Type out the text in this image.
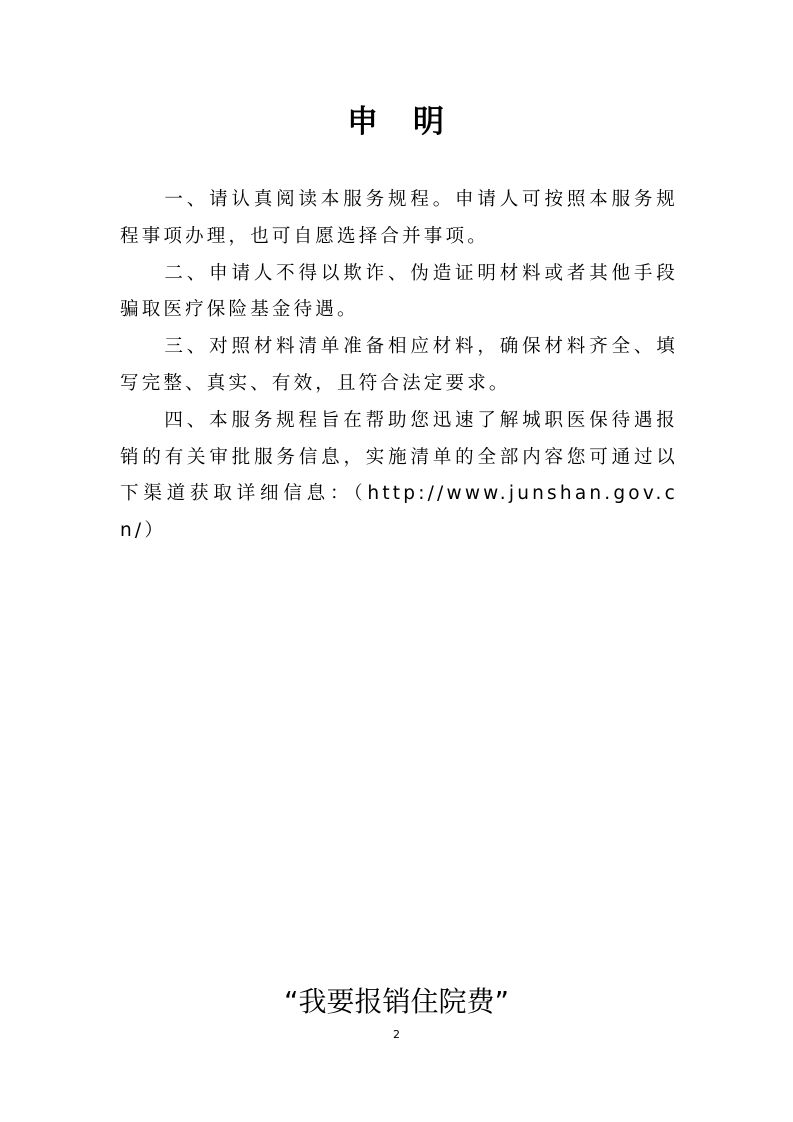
申　明

一、请认真阅读本服务规程。申请人可按照本服务规程事项办理，也可自愿选择合并事项。

二、申请人不得以欺诈、伪造证明材料或者其他手段骗取医疗保险基金待遇。

三、对照材料清单准备相应材料，确保材料齐全、填写完整、真实、有效，且符合法定要求。

四、本服务规程旨在帮助您迅速了解城职医保待遇报销的有关审批服务信息，实施清单的全部内容您可通过以下渠道获取详细信息：（http://www.junshan.gov.cn/）

“我要报销住院费”
2
